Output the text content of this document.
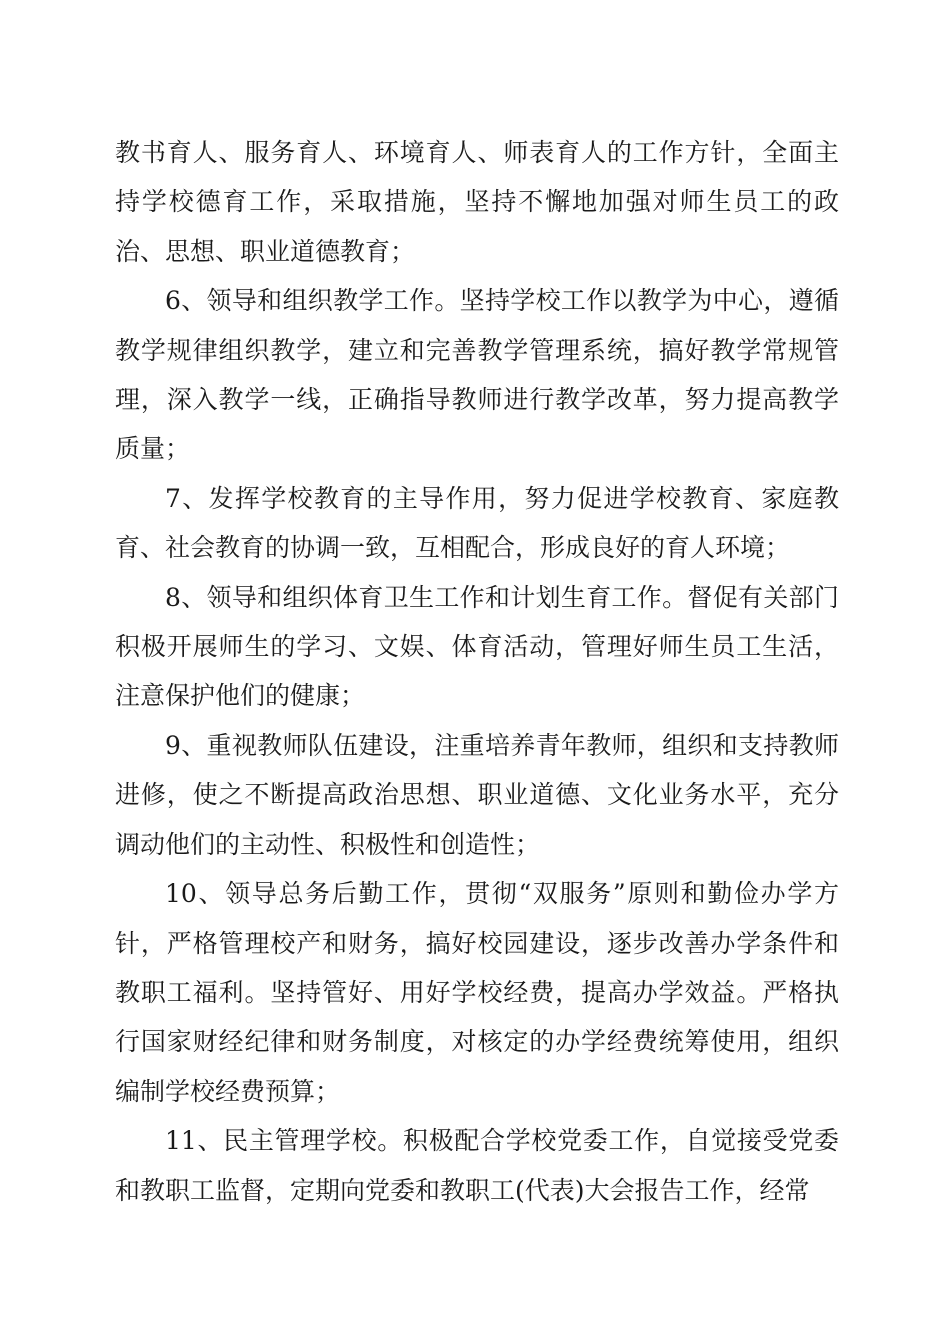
教书育人、服务育人、环境育人、师表育人的工作方针，全面主持学校德育工作，采取措施，坚持不懈地加强对师生员工的政治、思想、职业道德教育；

6、领导和组织教学工作。坚持学校工作以教学为中心，遵循教学规律组织教学，建立和完善教学管理系统，搞好教学常规管理，深入教学一线，正确指导教师进行教学改革，努力提高教学质量；

7、发挥学校教育的主导作用，努力促进学校教育、家庭教育、社会教育的协调一致，互相配合，形成良好的育人环境；

8、领导和组织体育卫生工作和计划生育工作。督促有关部门积极开展师生的学习、文娱、体育活动，管理好师生员工生活，注意保护他们的健康；

9、重视教师队伍建设，注重培养青年教师，组织和支持教师进修，使之不断提高政治思想、职业道德、文化业务水平，充分调动他们的主动性、积极性和创造性；

10、领导总务后勤工作，贯彻“双服务”原则和勤俭办学方针，严格管理校产和财务，搞好校园建设，逐步改善办学条件和教职工福利。坚持管好、用好学校经费，提高办学效益。严格执行国家财经纪律和财务制度，对核定的办学经费统筹使用，组织编制学校经费预算；

11、民主管理学校。积极配合学校党委工作，自觉接受党委和教职工监督，定期向党委和教职工(代表)大会报告工作，经常
